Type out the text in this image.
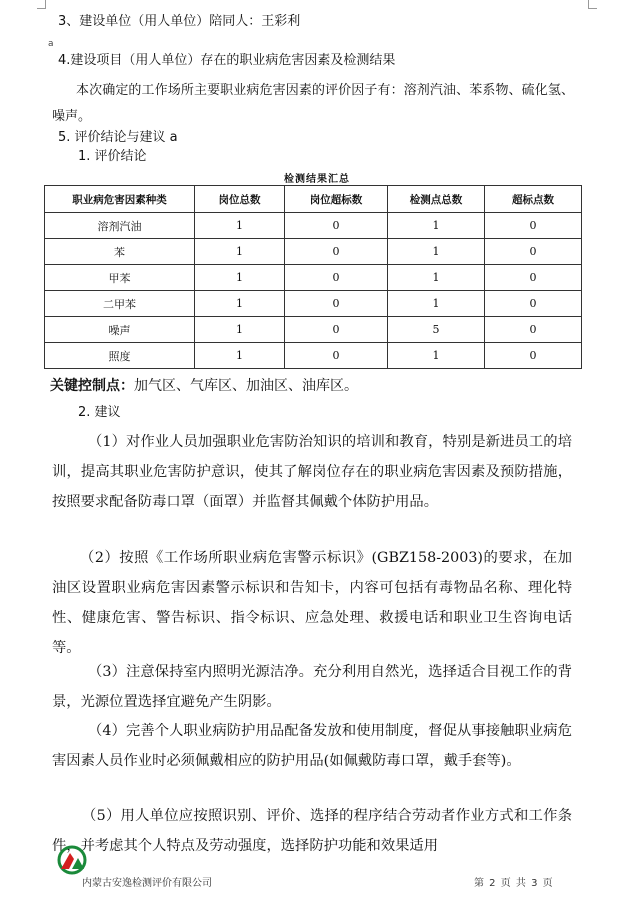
3、建设单位（用人单位）陪同人：王彩利
a
4.建设项目（用人单位）存在的职业病危害因素及检测结果
本次确定的工作场所主要职业病危害因素的评价因子有：溶剂汽油、苯系物、硫化氢、噪声。
5. 评价结论与建议 a
1. 评价结论
检测结果汇总
职业病危害因素种类	岗位总数	岗位超标数	检测点总数	超标点数
溶剂汽油	1	0	1	0
苯	1	0	1	0
甲苯	1	0	1	0
二甲苯	1	0	1	0
噪声	1	0	5	0
照度	1	0	1	0
关键控制点：加气区、气库区、加油区、油库区。
2. 建议
（1）对作业人员加强职业危害防治知识的培训和教育，特别是新进员工的培训，提高其职业危害防护意识，使其了解岗位存在的职业病危害因素及预防措施，按照要求配备防毒口罩（面罩）并监督其佩戴个体防护用品。
（2）按照《工作场所职业病危害警示标识》(GBZ158-2003)的要求，在加油区设置职业病危害因素警示标识和告知卡，内容可包括有毒物品名称、理化特性、健康危害、警告标识、指令标识、应急处理、救援电话和职业卫生咨询电话等。
（3）注意保持室内照明光源洁净。充分利用自然光，选择适合目视工作的背景，光源位置选择宜避免产生阴影。
（4）完善个人职业病防护用品配备发放和使用制度，督促从事接触职业病危害因素人员作业时必须佩戴相应的防护用品(如佩戴防毒口罩，戴手套等)。
（5）用人单位应按照识别、评价、选择的程序结合劳动者作业方式和工作条件，并考虑其个人特点及劳动强度，选择防护功能和效果适用
内蒙古安逸检测评价有限公司	第 2 页 共 3 页
